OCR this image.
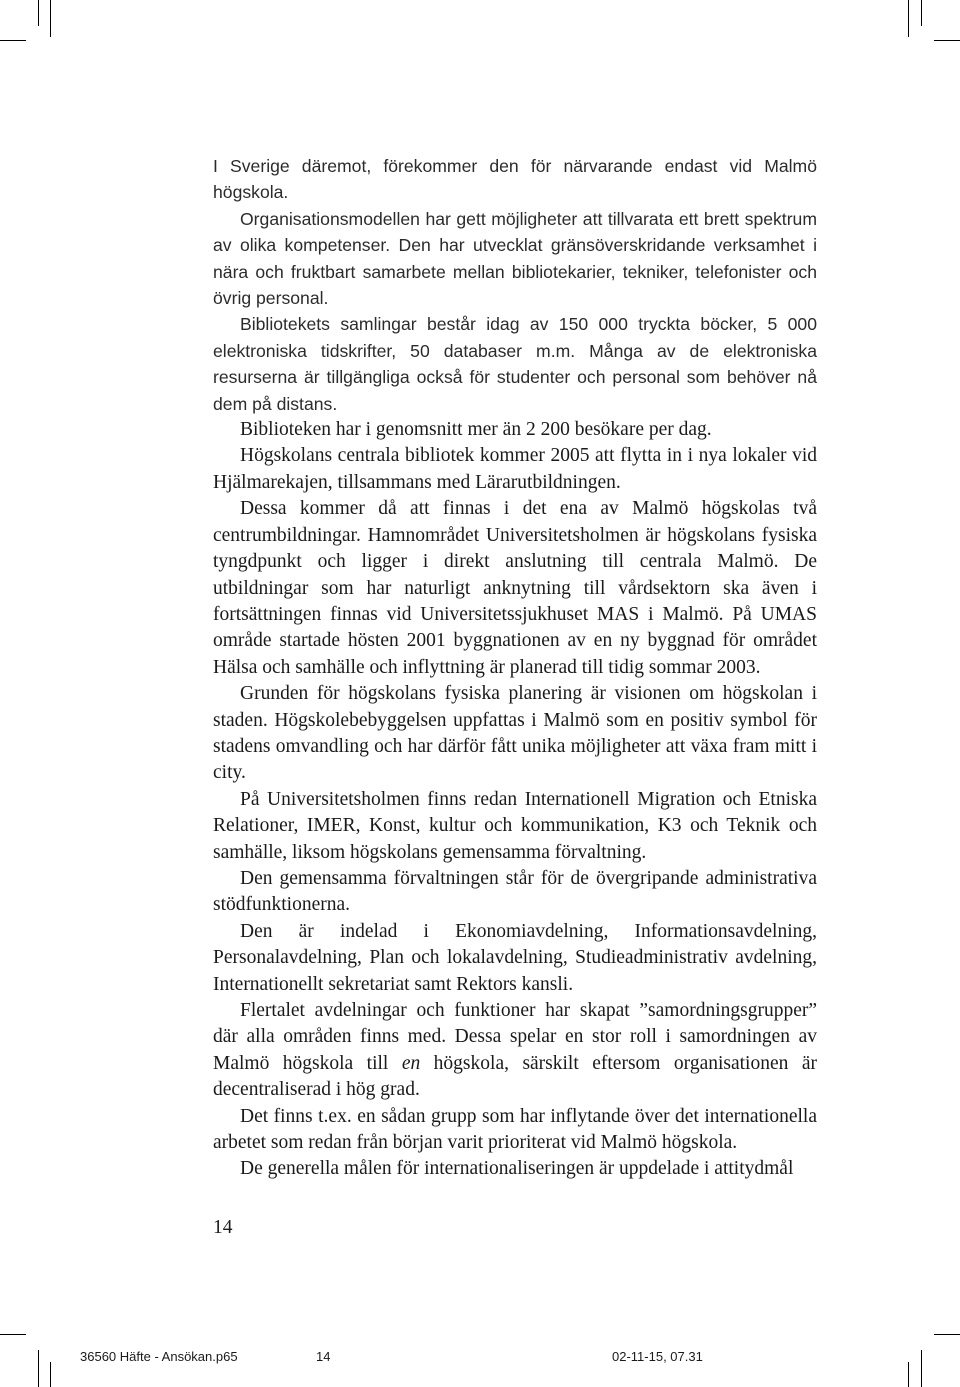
I Sverige däremot, förekommer den för närvarande endast vid Malmö högskola.

Organisationsmodellen har gett möjligheter att tillvarata ett brett spektrum av olika kompetenser. Den har utvecklat gränsöverskridande verksamhet i nära och fruktbart samarbete mellan bibliotekarier, tekniker, telefonister och övrig personal.

Bibliotekets samlingar består idag av 150 000 tryckta böcker, 5 000 elektroniska tidskrifter, 50 databaser m.m. Många av de elektroniska resurserna är tillgängliga också för studenter och personal som behöver nå dem på distans.

Biblioteken har i genomsnitt mer än 2 200 besökare per dag.

Högskolans centrala bibliotek kommer 2005 att flytta in i nya lokaler vid Hjälmarekajen, tillsammans med Lärarutbildningen.

Dessa kommer då att finnas i det ena av Malmö högskolas två centrumbildningar. Hamnområdet Universitetsholmen är högskolans fysiska tyngdpunkt och ligger i direkt anslutning till centrala Malmö. De utbildningar som har naturligt anknytning till vårdsektorn ska även i fortsättningen finnas vid Universitetssjukhuset MAS i Malmö. På UMAS område startade hösten 2001 byggnationen av en ny byggnad för området Hälsa och samhälle och inflyttning är planerad till tidig sommar 2003.

Grunden för högskolans fysiska planering är visionen om högskolan i staden. Högskolebebyggelsen uppfattas i Malmö som en positiv symbol för stadens omvandling och har därför fått unika möjligheter att växa fram mitt i city.

På Universitetsholmen finns redan Internationell Migration och Etniska Relationer, IMER, Konst, kultur och kommunikation, K3 och Teknik och samhälle, liksom högskolans gemensamma förvaltning.

Den gemensamma förvaltningen står för de övergripande administrativa stödfunktionerna.

Den är indelad i Ekonomiavdelning, Informationsavdelning, Personalavdelning, Plan och lokalavdelning, Studieadministrativ avdelning, Internationellt sekretariat samt Rektors kansli.

Flertalet avdelningar och funktioner har skapat ”samordningsgrupper” där alla områden finns med. Dessa spelar en stor roll i samordningen av Malmö högskola till en högskola, särskilt eftersom organisationen är decentraliserad i hög grad.

Det finns t.ex. en sådan grupp som har inflytande över det internationella arbetet som redan från början varit prioriterat vid Malmö högskola.

De generella målen för internationaliseringen är uppdelade i attitydmål

14
36560 Häfte - Ansökan.p65	14	02-11-15, 07.31
